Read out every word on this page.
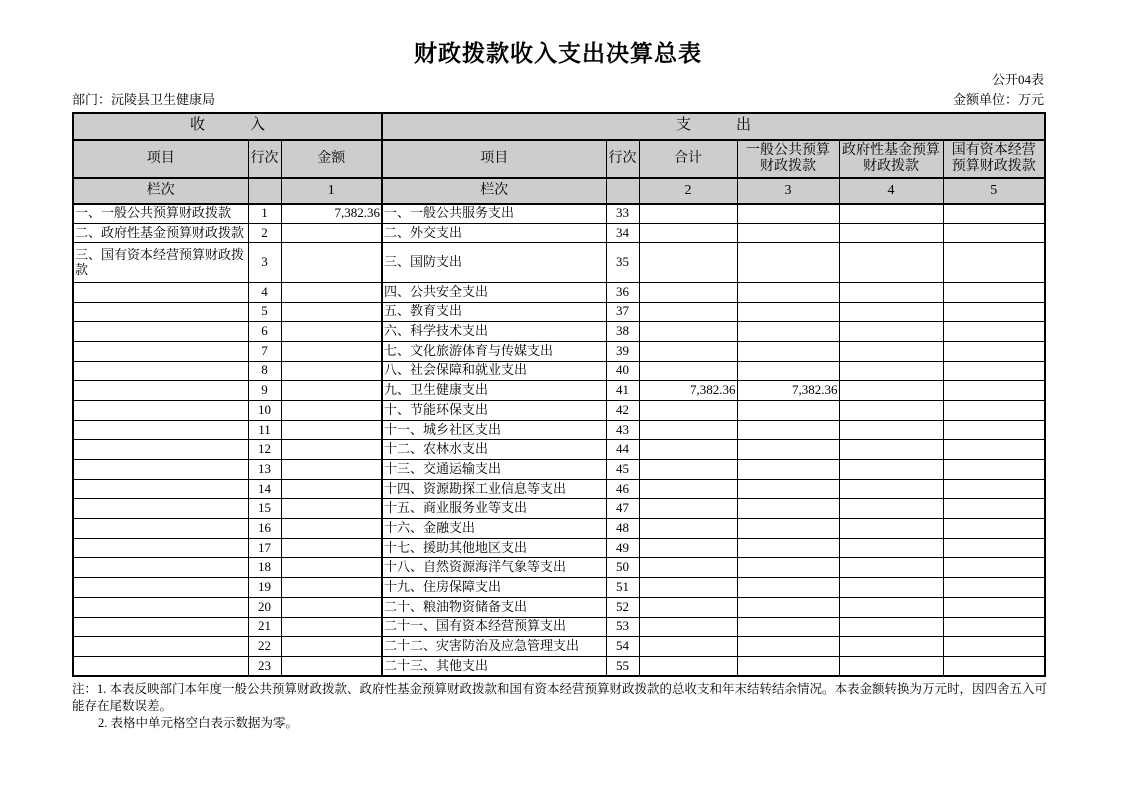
财政拨款收入支出决算总表
公开04表
部门：沅陵县卫生健康局	金额单位：万元
收　　　入			支　　　出					
项目	行次	金额	项目	行次	合计	一般公共预算财政拨款	政府性基金预算财政拨款	国有资本经营预算财政拨款
栏次		1	栏次		2	3	4	5
一、一般公共预算财政拨款	1	7,382.36	一、一般公共服务支出	33				
二、政府性基金预算财政拨款	2		二、外交支出	34				
三、国有资本经营预算财政拨款	3		三、国防支出	35				
	4		四、公共安全支出	36				
	5		五、教育支出	37				
	6		六、科学技术支出	38				
	7		七、文化旅游体育与传媒支出	39				
	8		八、社会保障和就业支出	40				
	9		九、卫生健康支出	41	7,382.36	7,382.36		
	10		十、节能环保支出	42				
	11		十一、城乡社区支出	43				
	12		十二、农林水支出	44				
	13		十三、交通运输支出	45				
	14		十四、资源勘探工业信息等支出	46				
	15		十五、商业服务业等支出	47				
	16		十六、金融支出	48				
	17		十七、援助其他地区支出	49				
	18		十八、自然资源海洋气象等支出	50				
	19		十九、住房保障支出	51				
	20		二十、粮油物资储备支出	52				
	21		二十一、国有资本经营预算支出	53				
	22		二十二、灾害防治及应急管理支出	54				
	23		二十三、其他支出	55				

注：1. 本表反映部门本年度一般公共预算财政拨款、政府性基金预算财政拨款和国有资本经营预算财政拨款的总收支和年末结转结余情况。本表金额转换为万元时，因四舍五入可能存在尾数误差。

2. 表格中单元格空白表示数据为零。
